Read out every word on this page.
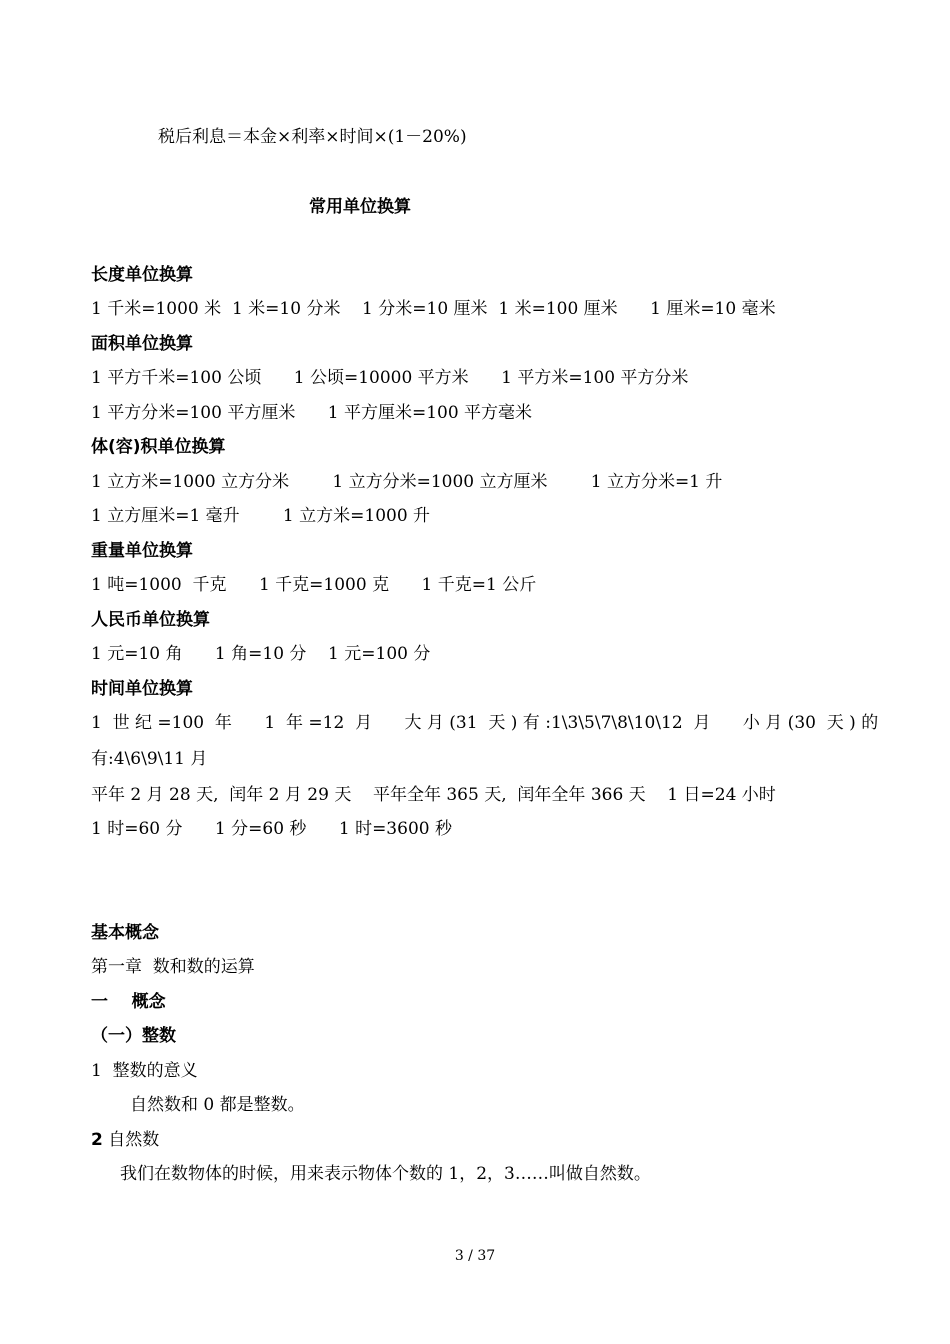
税后利息＝本金×利率×时间×(1－20%)
常用单位换算
长度单位换算
1 千米=1000 米  1 米=10 分米    1 分米=10 厘米  1 米=100 厘米      1 厘米=10 毫米
面积单位换算
1 平方千米=100 公顷      1 公顷=10000 平方米      1 平方米=100 平方分米
1 平方分米=100 平方厘米      1 平方厘米=100 平方毫米
体(容)积单位换算
1 立方米=1000 立方分米        1 立方分米=1000 立方厘米        1 立方分米=1 升
1 立方厘米=1 毫升        1 立方米=1000 升
重量单位换算
1 吨=1000  千克      1 千克=1000 克      1 千克=1 公斤
人民币单位换算
1 元=10 角      1 角=10 分    1 元=100 分
时间单位换算
1  世 纪 =100  年      1  年 =12  月      大 月 (31  天 ) 有 :1\3\5\7\8\10\12  月      小 月 (30  天 ) 的
有:4\6\9\11 月
平年 2 月 28 天,  闰年 2 月 29 天    平年全年 365 天,  闰年全年 366 天    1 日=24 小时
1 时=60 分      1 分=60 秒      1 时=3600 秒
基本概念
第一章  数和数的运算
一    概念
（一）整数
1  整数的意义
自然数和 0 都是整数。
2 自然数
我们在数物体的时候，用来表示物体个数的 1，2，3……叫做自然数。
3 / 37
